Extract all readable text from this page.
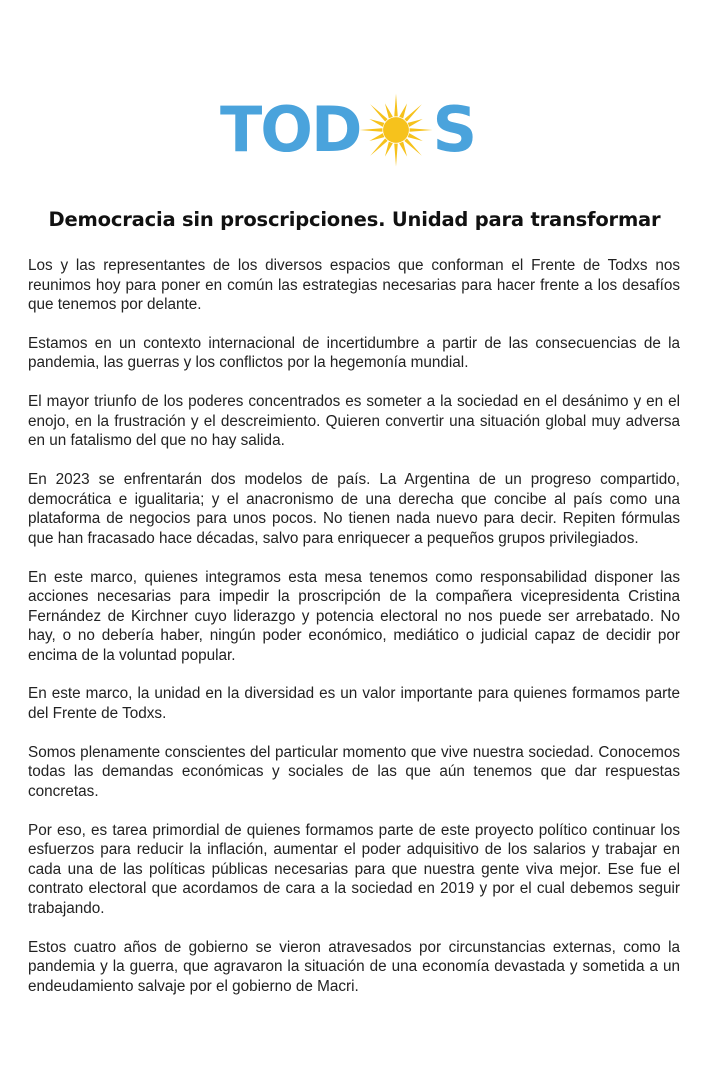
TOD S
Democracia sin proscripciones. Unidad para transformar

Los y las representantes de los diversos espacios que conforman el Frente de Todxs nos reunimos hoy para poner en común las estrategias necesarias para hacer frente a los desafíos que tenemos por delante.

Estamos en un contexto internacional de incertidumbre a partir de las consecuencias de la pandemia, las guerras y los conflictos por la hegemonía mundial.

El mayor triunfo de los poderes concentrados es someter a la sociedad en el desánimo y en el enojo, en la frustración y el descreimiento. Quieren convertir una situación global muy adversa en un fatalismo del que no hay salida.

En 2023 se enfrentarán dos modelos de país. La Argentina de un progreso compartido, democrática e igualitaria; y el anacronismo de una derecha que concibe al país como una plataforma de negocios para unos pocos. No tienen nada nuevo para decir. Repiten fórmulas que han fracasado hace décadas, salvo para enriquecer a pequeños grupos privilegiados.

En este marco, quienes integramos esta mesa tenemos como responsabilidad disponer las acciones necesarias para impedir la proscripción de la compañera vicepresidenta Cristina Fernández de Kirchner cuyo liderazgo y potencia electoral no nos puede ser arrebatado. No hay, o no debería haber, ningún poder económico, mediático o judicial capaz de decidir por encima de la voluntad popular.

En este marco, la unidad en la diversidad es un valor importante para quienes formamos parte del Frente de Todxs.

Somos plenamente conscientes del particular momento que vive nuestra sociedad. Conocemos todas las demandas económicas y sociales de las que aún tenemos que dar respuestas concretas.

Por eso, es tarea primordial de quienes formamos parte de este proyecto político continuar los esfuerzos para reducir la inflación, aumentar el poder adquisitivo de los salarios y trabajar en cada una de las políticas públicas necesarias para que nuestra gente viva mejor. Ese fue el contrato electoral que acordamos de cara a la sociedad en 2019 y por el cual debemos seguir trabajando.

Estos cuatro años de gobierno se vieron atravesados por circunstancias externas, como la pandemia y la guerra, que agravaron la situación de una economía devastada y sometida a un endeudamiento salvaje por el gobierno de Macri.
